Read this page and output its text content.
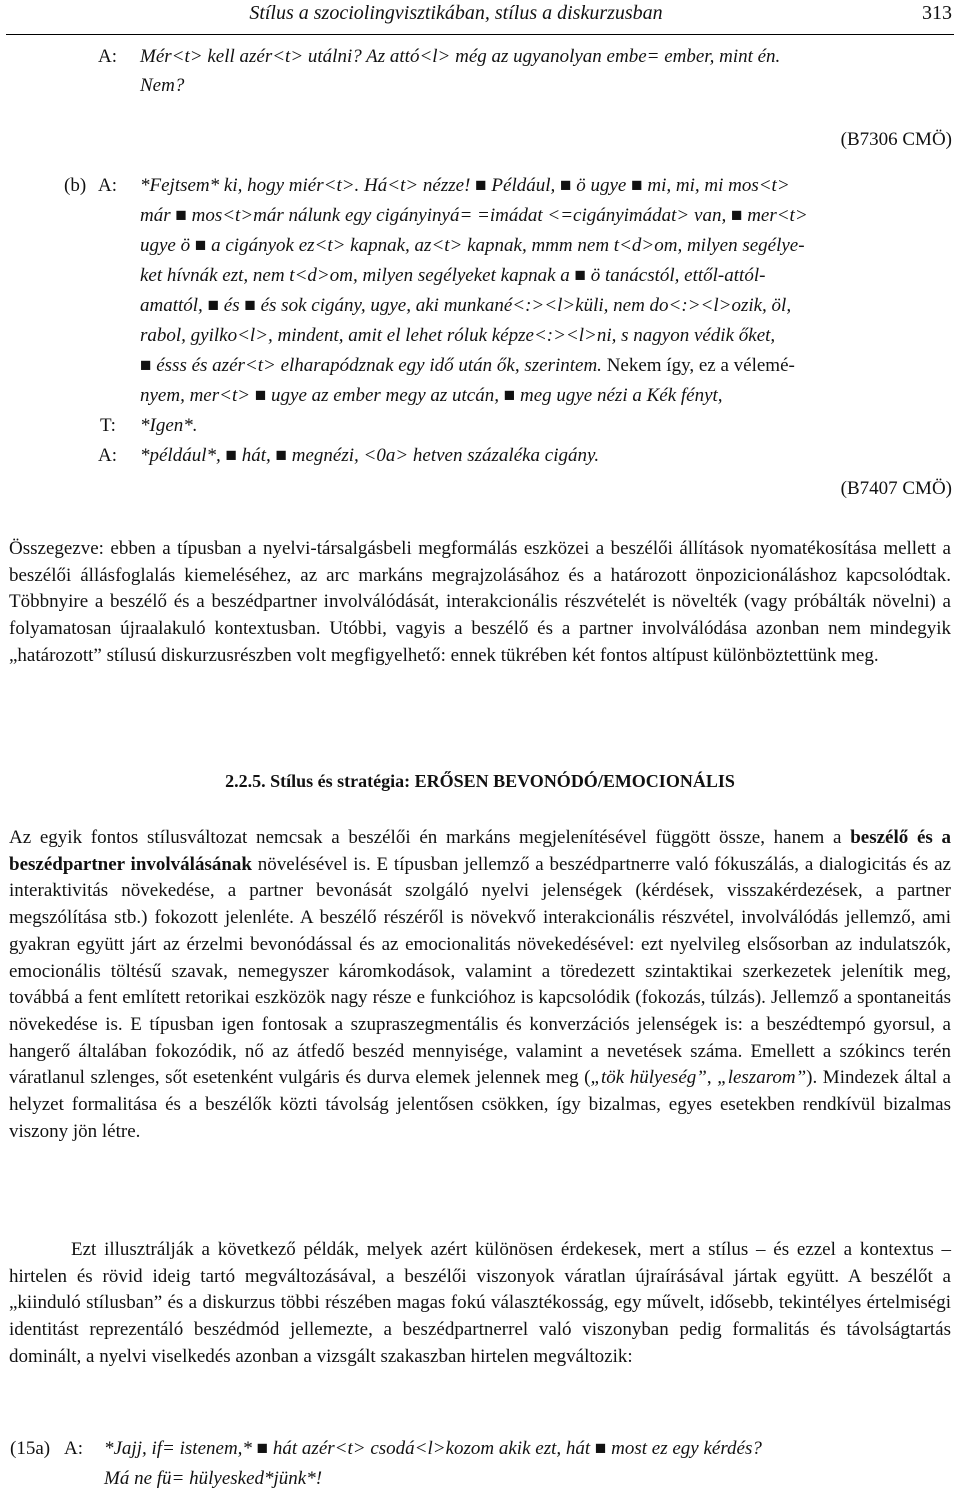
Stílus a szociolingvisztikában, stílus a diskurzusban	313
A: Mér<t> kell azér<t> utálni? Az attó<l> még az ugyanolyan embe= ember, mint én.
Nem?
(B7306 CMÖ)
(b) A: *Fejtsem* ki, hogy miér<t>. Há<t> nézze! ■ Például, ■ ö ugye ■ mi, mi, mi mos<t>
már ■ mos<t>már nálunk egy cigányinyá= =imádat <=cigányimádat> van, ■ mer<t>
ugye ö ■ a cigányok ez<t> kapnak, az<t> kapnak, mmm nem t<d>om, milyen segélye-
ket hívnák ezt, nem t<d>om, milyen segélyeket kapnak a ■ ö tanácstól, ettől-attól-
amattól, ■ és ■ és sok cigány, ugye, aki munkané<:><l>küli, nem do<:><l>ozik, öl,
rabol, gyilko<l>, mindent, amit el lehet róluk képze<:><l>ni, s nagyon védik őket,
■ ésss és azér<t> elharapódznak egy idő után ők, szerintem. Nekem így, ez a vélemé-
nyem, mer<t> ■ ugye az ember megy az utcán, ■ meg ugye nézi a Kék fényt,
T: *Igen*.
A: *például*, ■ hát, ■ megnézi, <0a> hetven százaléka cigány.
(B7407 CMÖ)

Összegezve: ebben a típusban a nyelvi-társalgásbeli megformálás eszközei a beszélői állítások nyomatékosítása mellett a beszélői állásfoglalás kiemeléséhez, az arc markáns megrajzolásához és a határozott önpozicionáláshoz kapcsolódtak. Többnyire a beszélő és a beszédpartner involválódását, interakcionális részvételét is növelték (vagy próbálták növelni) a folyamatosan újraalakuló kontextusban. Utóbbi, vagyis a beszélő és a partner involválódása azonban nem mindegyik „határozott” stílusú diskurzusrészben volt megfigyelhető: ennek tükrében két fontos altípust különböztettünk meg.

2.2.5. Stílus és stratégia: ERŐSEN BEVONÓDÓ/EMOCIONÁLIS

Az egyik fontos stílusváltozat nemcsak a beszélői én markáns megjelenítésével függött össze, hanem a beszélő és a beszédpartner involválásának növelésével is. E típusban jellemző a beszédpartnerre való fókuszálás, a dialogicitás és az interaktivitás növekedése, a partner bevonását szolgáló nyelvi jelenségek (kérdések, visszakérdezések, a partner megszólítása stb.) fokozott jelenléte. A beszélő részéről is növekvő interakcionális részvétel, involválódás jellemző, ami gyakran együtt járt az érzelmi bevonódással és az emocionalitás növekedésével: ezt nyelvileg elsősorban az indulatszók, emocionális töltésű szavak, nemegyszer káromkodások, valamint a töredezett szintaktikai szerkezetek jelenítik meg, továbbá a fent említett retorikai eszközök nagy része e funkcióhoz is kapcsolódik (fokozás, túlzás). Jellemző a spontaneitás növekedése is. E típusban igen fontosak a szupraszegmentális és konverzációs jelenségek is: a beszédtempó gyorsul, a hangerő általában fokozódik, nő az átfedő beszéd mennyisége, valamint a nevetések száma. Emellett a szókincs terén váratlanul szlenges, sőt esetenként vulgáris és durva elemek jelennek meg („tök hülyeség”, „leszarom”). Mindezek által a helyzet formalitása és a beszélők közti távolság jelentősen csökken, így bizalmas, egyes esetekben rendkívül bizalmas viszony jön létre.

Ezt illusztrálják a következő példák, melyek azért különösen érdekesek, mert a stílus – és ezzel a kontextus – hirtelen és rövid ideig tartó megváltozásával, a beszélői viszonyok váratlan újraírásával jártak együtt. A beszélőt a „kiinduló stílusban” és a diskurzus többi részében magas fokú választékosság, egy művelt, idősebb, tekintélyes értelmiségi identitást reprezentáló beszédmód jellemezte, a beszédpartnerrel való viszonyban pedig formalitás és távolságtartás dominált, a nyelvi viselkedés azonban a vizsgált szakaszban hirtelen megváltozik:

(15a) A: *Jajj, if= istenem,* ■ hát azér<t> csodá<l>kozom akik ezt, hát ■ most ez egy kérdés?
Má ne fü= hülyesked*jünk*!
